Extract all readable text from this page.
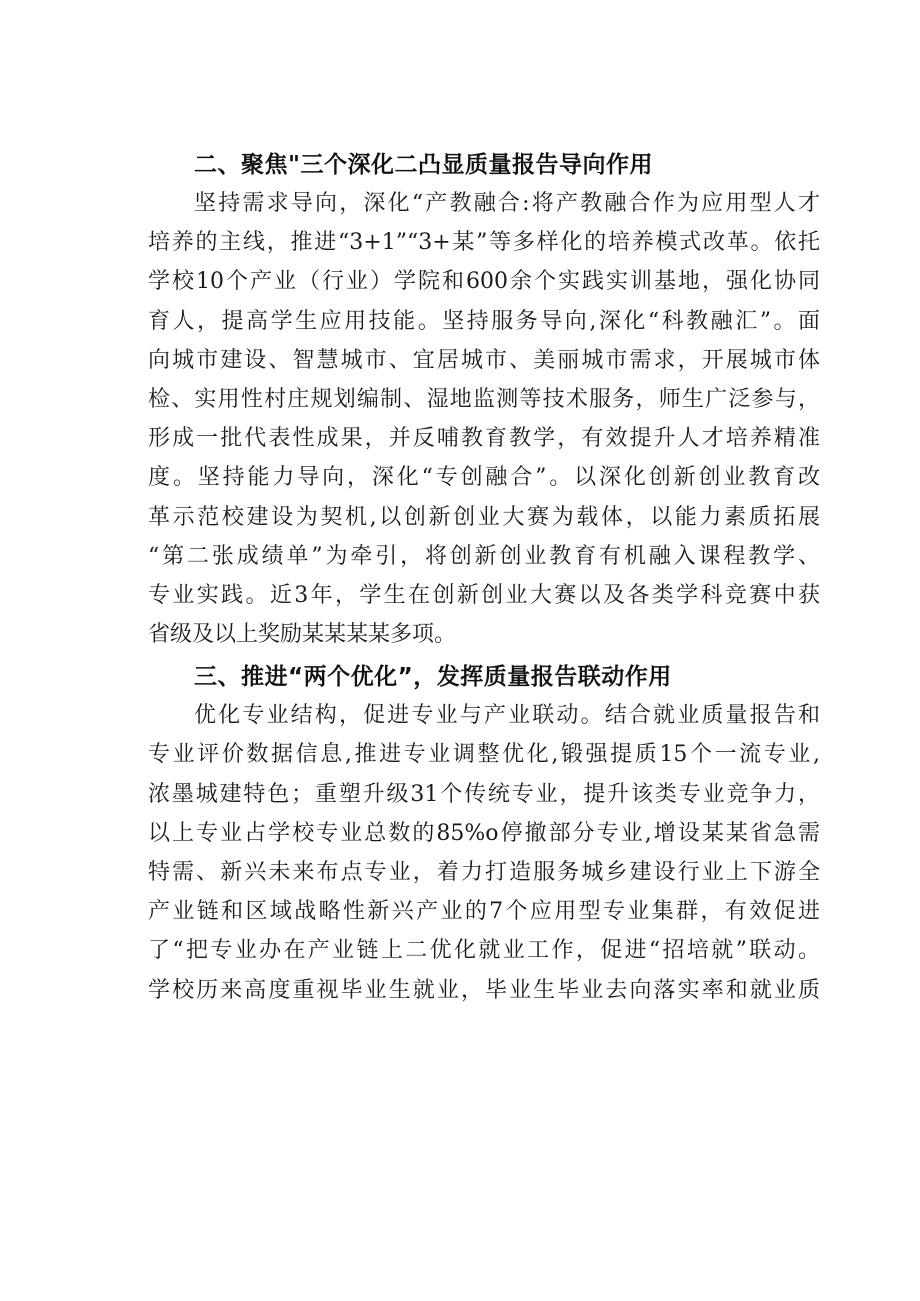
二、聚焦"三个深化二凸显质量报告导向作用
坚持需求导向，深化“产教融合:将产教融合作为应用型人才
培养的主线，推进“3+1”“3+某”等多样化的培养模式改革。依托
学校10个产业（行业）学院和600余个实践实训基地，强化协同
育人，提高学生应用技能。坚持服务导向,深化“科教融汇”。面
向城市建设、智慧城市、宜居城市、美丽城市需求，开展城市体
检、实用性村庄规划编制、湿地监测等技术服务，师生广泛参与，
形成一批代表性成果，并反哺教育教学，有效提升人才培养精准
度。坚持能力导向，深化“专创融合”。以深化创新创业教育改
革示范校建设为契机,以创新创业大赛为载体，以能力素质拓展
“第二张成绩单”为牵引，将创新创业教育有机融入课程教学、
专业实践。近3年，学生在创新创业大赛以及各类学科竞赛中获
省级及以上奖励某某某某多项。
三、推进“两个优化”，发挥质量报告联动作用
优化专业结构，促进专业与产业联动。结合就业质量报告和
专业评价数据信息,推进专业调整优化,锻强提质15个一流专业,
浓墨城建特色；重塑升级31个传统专业，提升该类专业竞争力，
以上专业占学校专业总数的85%o停撤部分专业,增设某某省急需
特需、新兴未来布点专业，着力打造服务城乡建设行业上下游全
产业链和区域战略性新兴产业的7个应用型专业集群，有效促进
了“把专业办在产业链上二优化就业工作，促进“招培就”联动。
学校历来高度重视毕业生就业，毕业生毕业去向落实率和就业质
